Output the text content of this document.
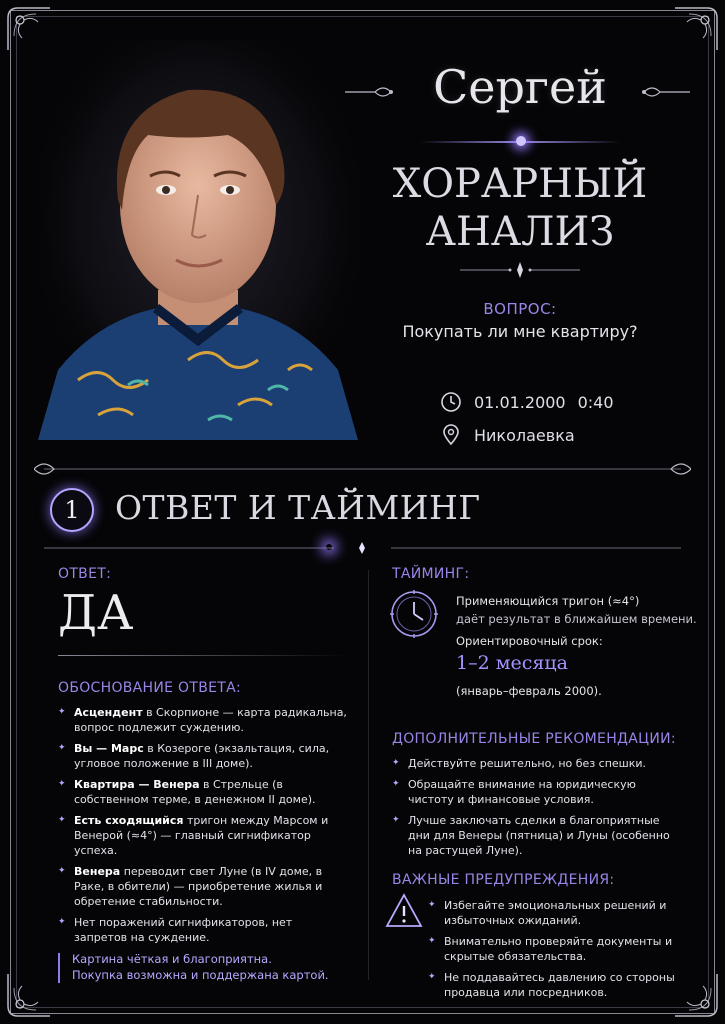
Сергей
ХОРАРНЫЙ
АНАЛИЗ
ВОПРОС:
Покупать ли мне квартиру?
01.01.2000 0:40
Николаевка
1	ОТВЕТ И ТАЙМИНГ
ОТВЕТ:
ДА
ОБОСНОВАНИЕ ОТВЕТА:
✦ Асцендент в Скорпионе — карта радикальна, вопрос подлежит суждению.
✦ Вы — Марс в Козероге (экзальтация, сила, угловое положение в III доме).
✦ Квартира — Венера в Стрельце (в собственном терме, в денежном II доме).
✦ Есть сходящийся тригон между Марсом и Венерой (≈4°) — главный сигнификатор успеха.
✦ Венера переводит свет Луне (в IV доме, в Раке, в обители) — приобретение жилья и обретение стабильности.
✦ Нет поражений сигнификаторов, нет запретов на суждение.

Картина чёткая и благоприятна.

Покупка возможна и поддержана картой.

ТАЙМИНГ:
Применяющийся тригон (≈4°)
даёт результат в ближайшем времени.
Ориентировочный срок:
1–2 месяца
(январь–февраль 2000).
ДОПОЛНИТЕЛЬНЫЕ РЕКОМЕНДАЦИИ:
✦ Действуйте решительно, но без спешки.
✦ Обращайте внимание на юридическую чистоту и финансовые условия.
✦ Лучше заключать сделки в благоприятные дни для Венеры (пятница) и Луны (особенно на растущей Луне).
ВАЖНЫЕ ПРЕДУПРЕЖДЕНИЯ:
✦ Избегайте эмоциональных решений и избыточных ожиданий.
✦ Внимательно проверяйте документы и скрытые обязательства.
✦ Не поддавайтесь давлению со стороны продавца или посредников.
